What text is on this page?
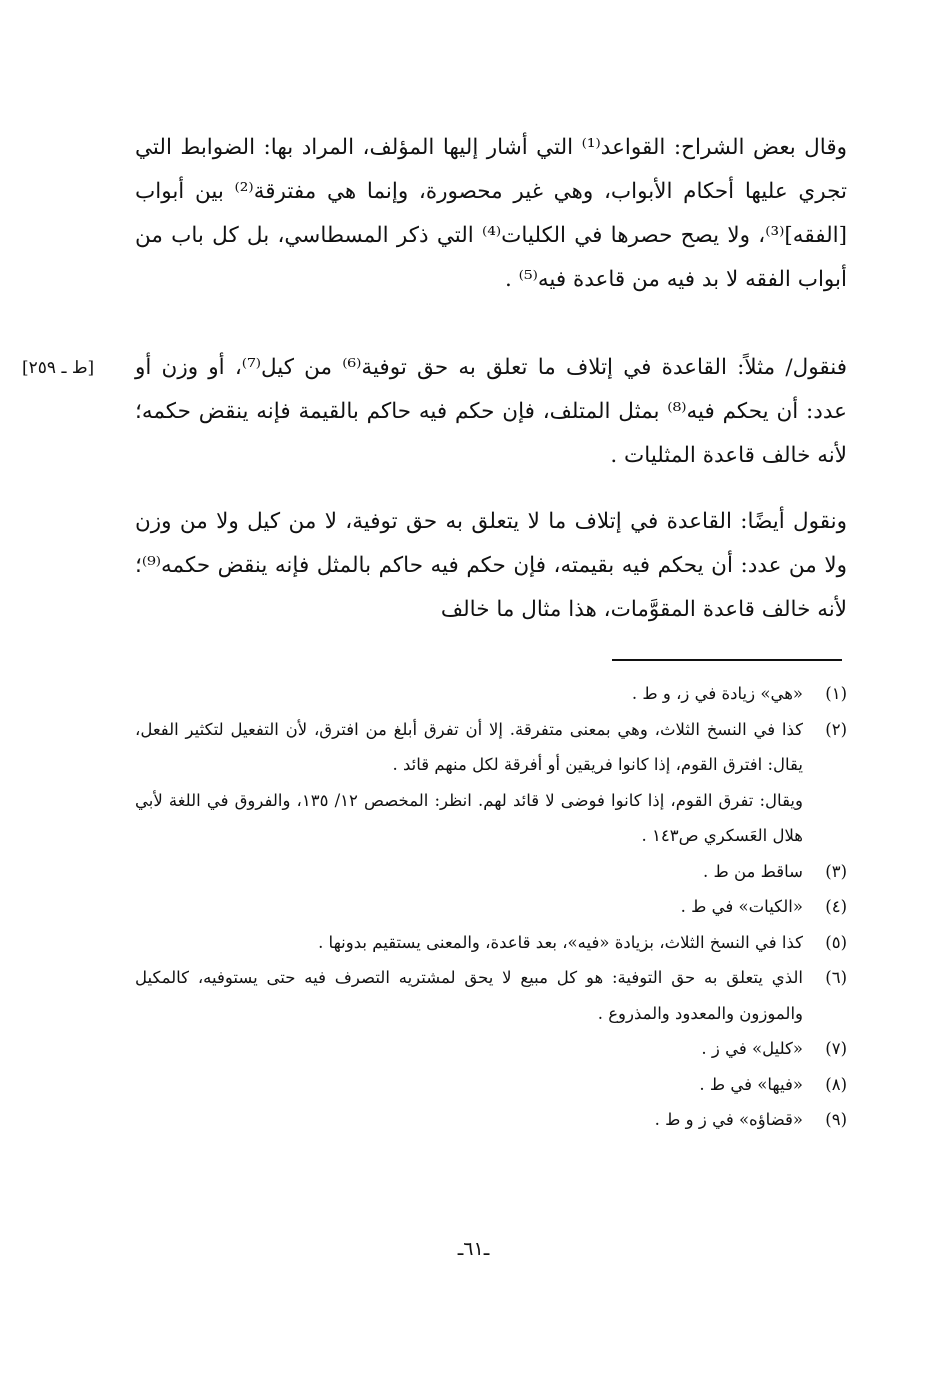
وقال بعض الشراح: القواعد⁽¹⁾ التي أشار إليها المؤلف، المراد بها: الضوابط التي تجري عليها أحكام الأبواب، وهي غير محصورة، وإنما هي مفترقة⁽²⁾ بين أبواب [الفقه]⁽³⁾، ولا يصح حصرها في الكليات⁽⁴⁾ التي ذكر المسطاسي، بل كل باب من أبواب الفقه لا بد فيه من قاعدة فيه⁽⁵⁾ .

[ط ـ ٢٥٩]	فنقول/ مثلاً: القاعدة في إتلاف ما تعلق به حق توفية⁽⁶⁾ من كيل⁽⁷⁾، أو وزن أو عدد: أن يحكم فيه⁽⁸⁾ بمثل المتلف، فإن حكم فيه حاكم بالقيمة فإنه ينقض حكمه؛ لأنه خالف قاعدة المثليات .

ونقول أيضًا: القاعدة في إتلاف ما لا يتعلق به حق توفية، لا من كيل ولا من وزن ولا من عدد: أن يحكم فيه بقيمته، فإن حكم فيه حاكم بالمثل فإنه ينقض حكمه⁽⁹⁾؛ لأنه خالف قاعدة المقوَّمات، هذا مثال ما خالف

(١)
«هي» زيادة في ز، و ط .
(٢)
كذا في النسخ الثلاث، وهي بمعنى متفرقة. إلا أن تفرق أبلغ من افترق، لأن التفعيل لتكثير الفعل، يقال: افترق القوم، إذا كانوا فريقين أو أفرقة لكل منهم قائد .
ويقال: تفرق القوم، إذا كانوا فوضى لا قائد لهم. انظر: المخصص ١٢/ ١٣٥، والفروق في اللغة لأبي هلال العَسكري ص١٤٣ .
(٣)
ساقط من ط .
(٤)
«الكيات» في ط .
(٥)
كذا في النسخ الثلاث، بزيادة «فيه»، بعد قاعدة، والمعنى يستقيم بدونها .
(٦)
الذي يتعلق به حق التوفية: هو كل مبيع لا يحق لمشتريه التصرف فيه حتى يستوفيه، كالمكيل والموزون والمعدود والمذروع .
(٧)
«كليل» في ز .
(٨)
«فيها» في ط .
(٩)
«قضاؤه» في ز و ط .
ـ٦١ـ
